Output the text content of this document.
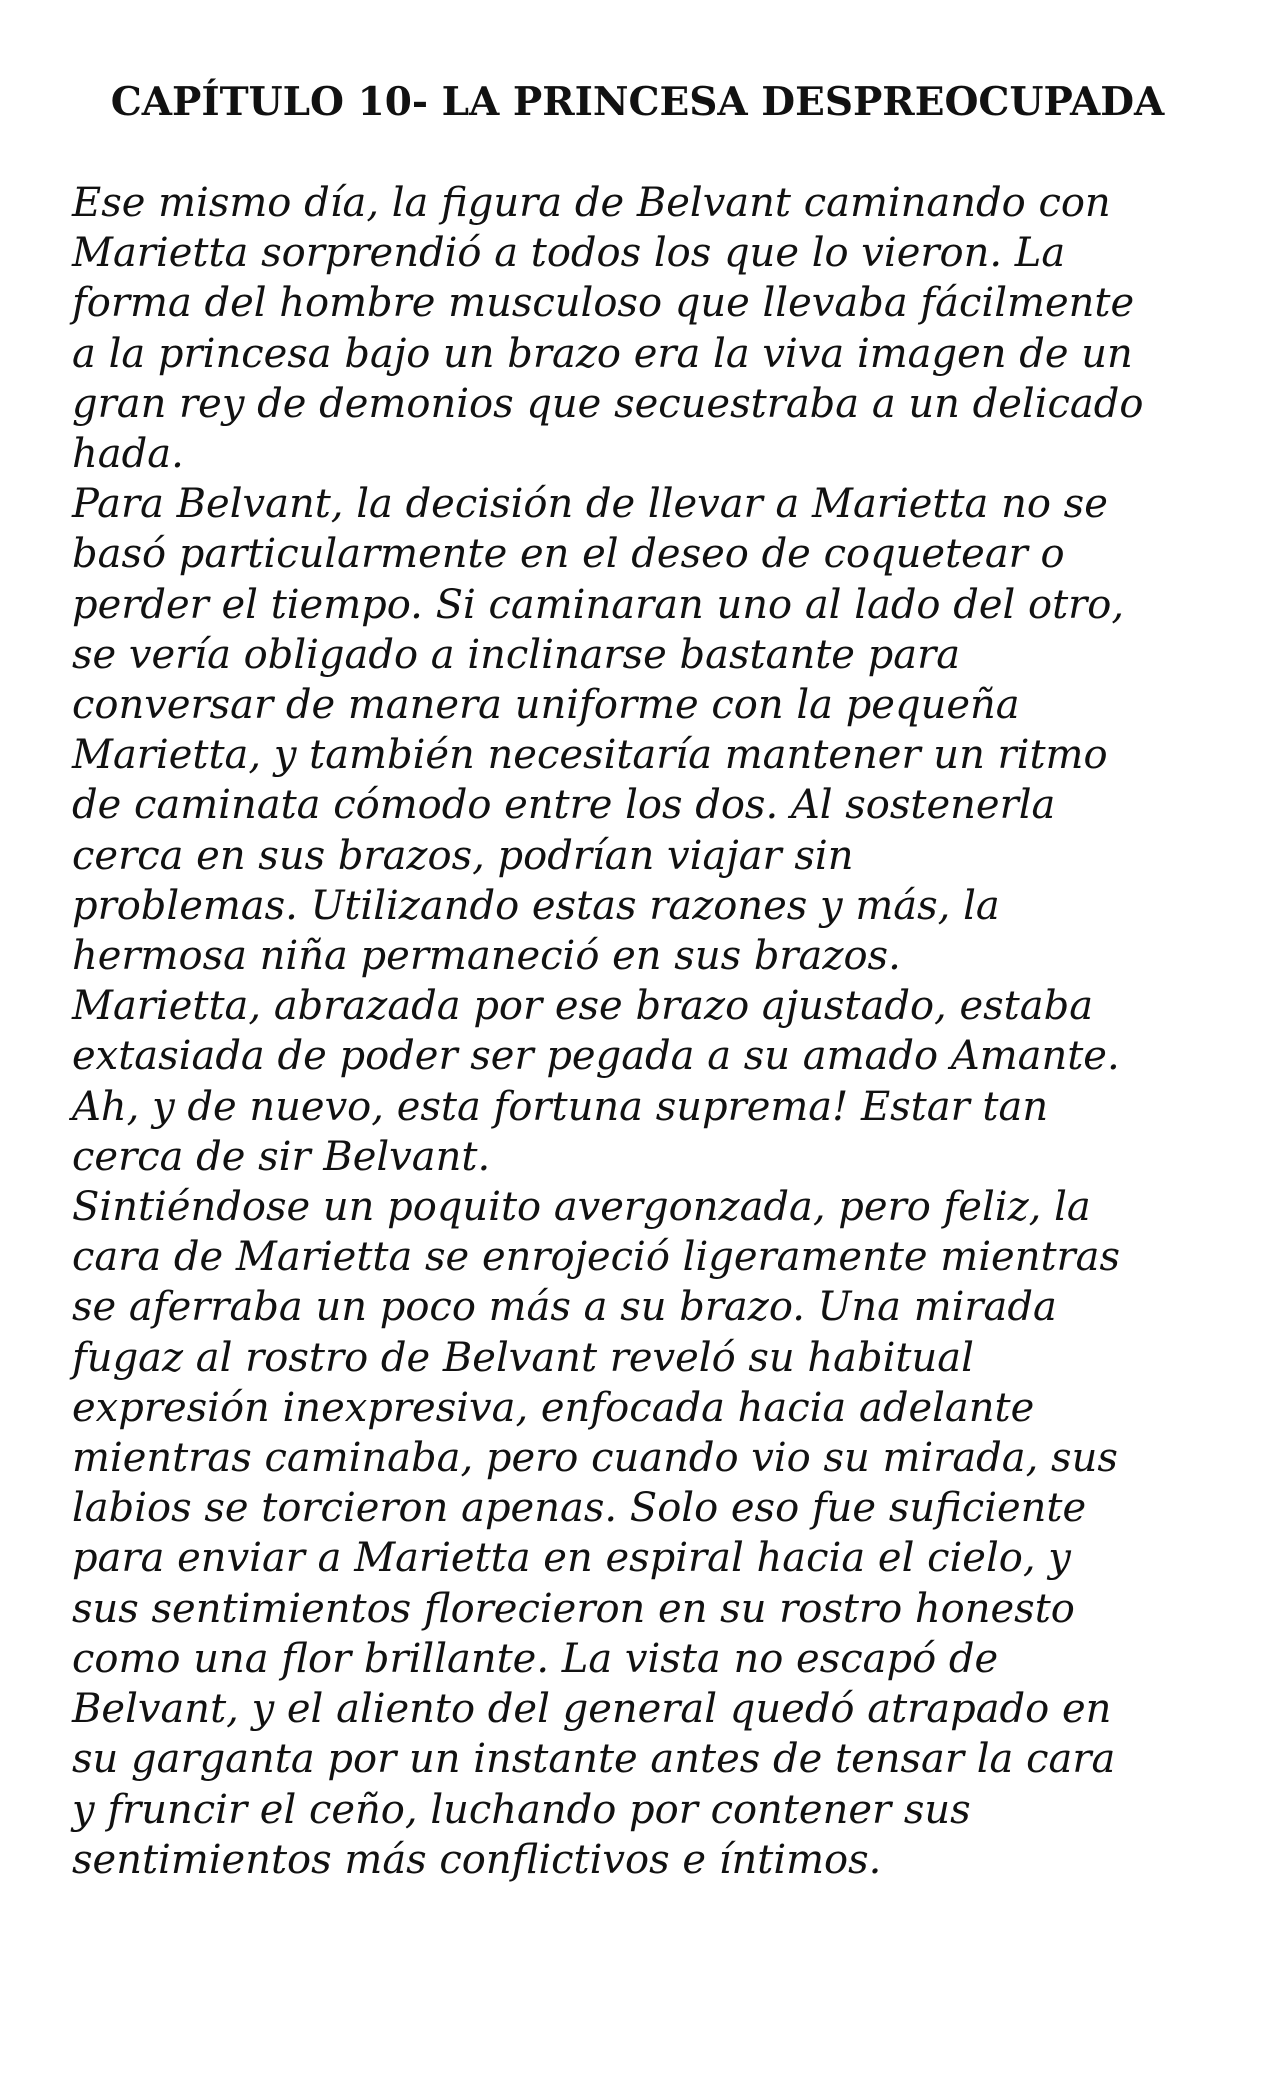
CAPÍTULO 10- LA PRINCESA DESPREOCUPADA
Ese mismo día, la figura de Belvant caminando con
Marietta sorprendió a todos los que lo vieron. La
forma del hombre musculoso que llevaba fácilmente
a la princesa bajo un brazo era la viva imagen de un
gran rey de demonios que secuestraba a un delicado
hada.
Para Belvant, la decisión de llevar a Marietta no se
basó particularmente en el deseo de coquetear o
perder el tiempo. Si caminaran uno al lado del otro,
se vería obligado a inclinarse bastante para
conversar de manera uniforme con la pequeña
Marietta, y también necesitaría mantener un ritmo
de caminata cómodo entre los dos. Al sostenerla
cerca en sus brazos, podrían viajar sin
problemas. Utilizando estas razones y más, la
hermosa niña permaneció en sus brazos.
Marietta, abrazada por ese brazo ajustado, estaba
extasiada de poder ser pegada a su amado Amante.
Ah, y de nuevo, esta fortuna suprema! Estar tan
cerca de sir Belvant.
Sintiéndose un poquito avergonzada, pero feliz, la
cara de Marietta se enrojeció ligeramente mientras
se aferraba un poco más a su brazo. Una mirada
fugaz al rostro de Belvant reveló su habitual
expresión inexpresiva, enfocada hacia adelante
mientras caminaba, pero cuando vio su mirada, sus
labios se torcieron apenas. Solo eso fue suficiente
para enviar a Marietta en espiral hacia el cielo, y
sus sentimientos florecieron en su rostro honesto
como una flor brillante. La vista no escapó de
Belvant, y el aliento del general quedó atrapado en
su garganta por un instante antes de tensar la cara
y fruncir el ceño, luchando por contener sus
sentimientos más conflictivos e íntimos.
